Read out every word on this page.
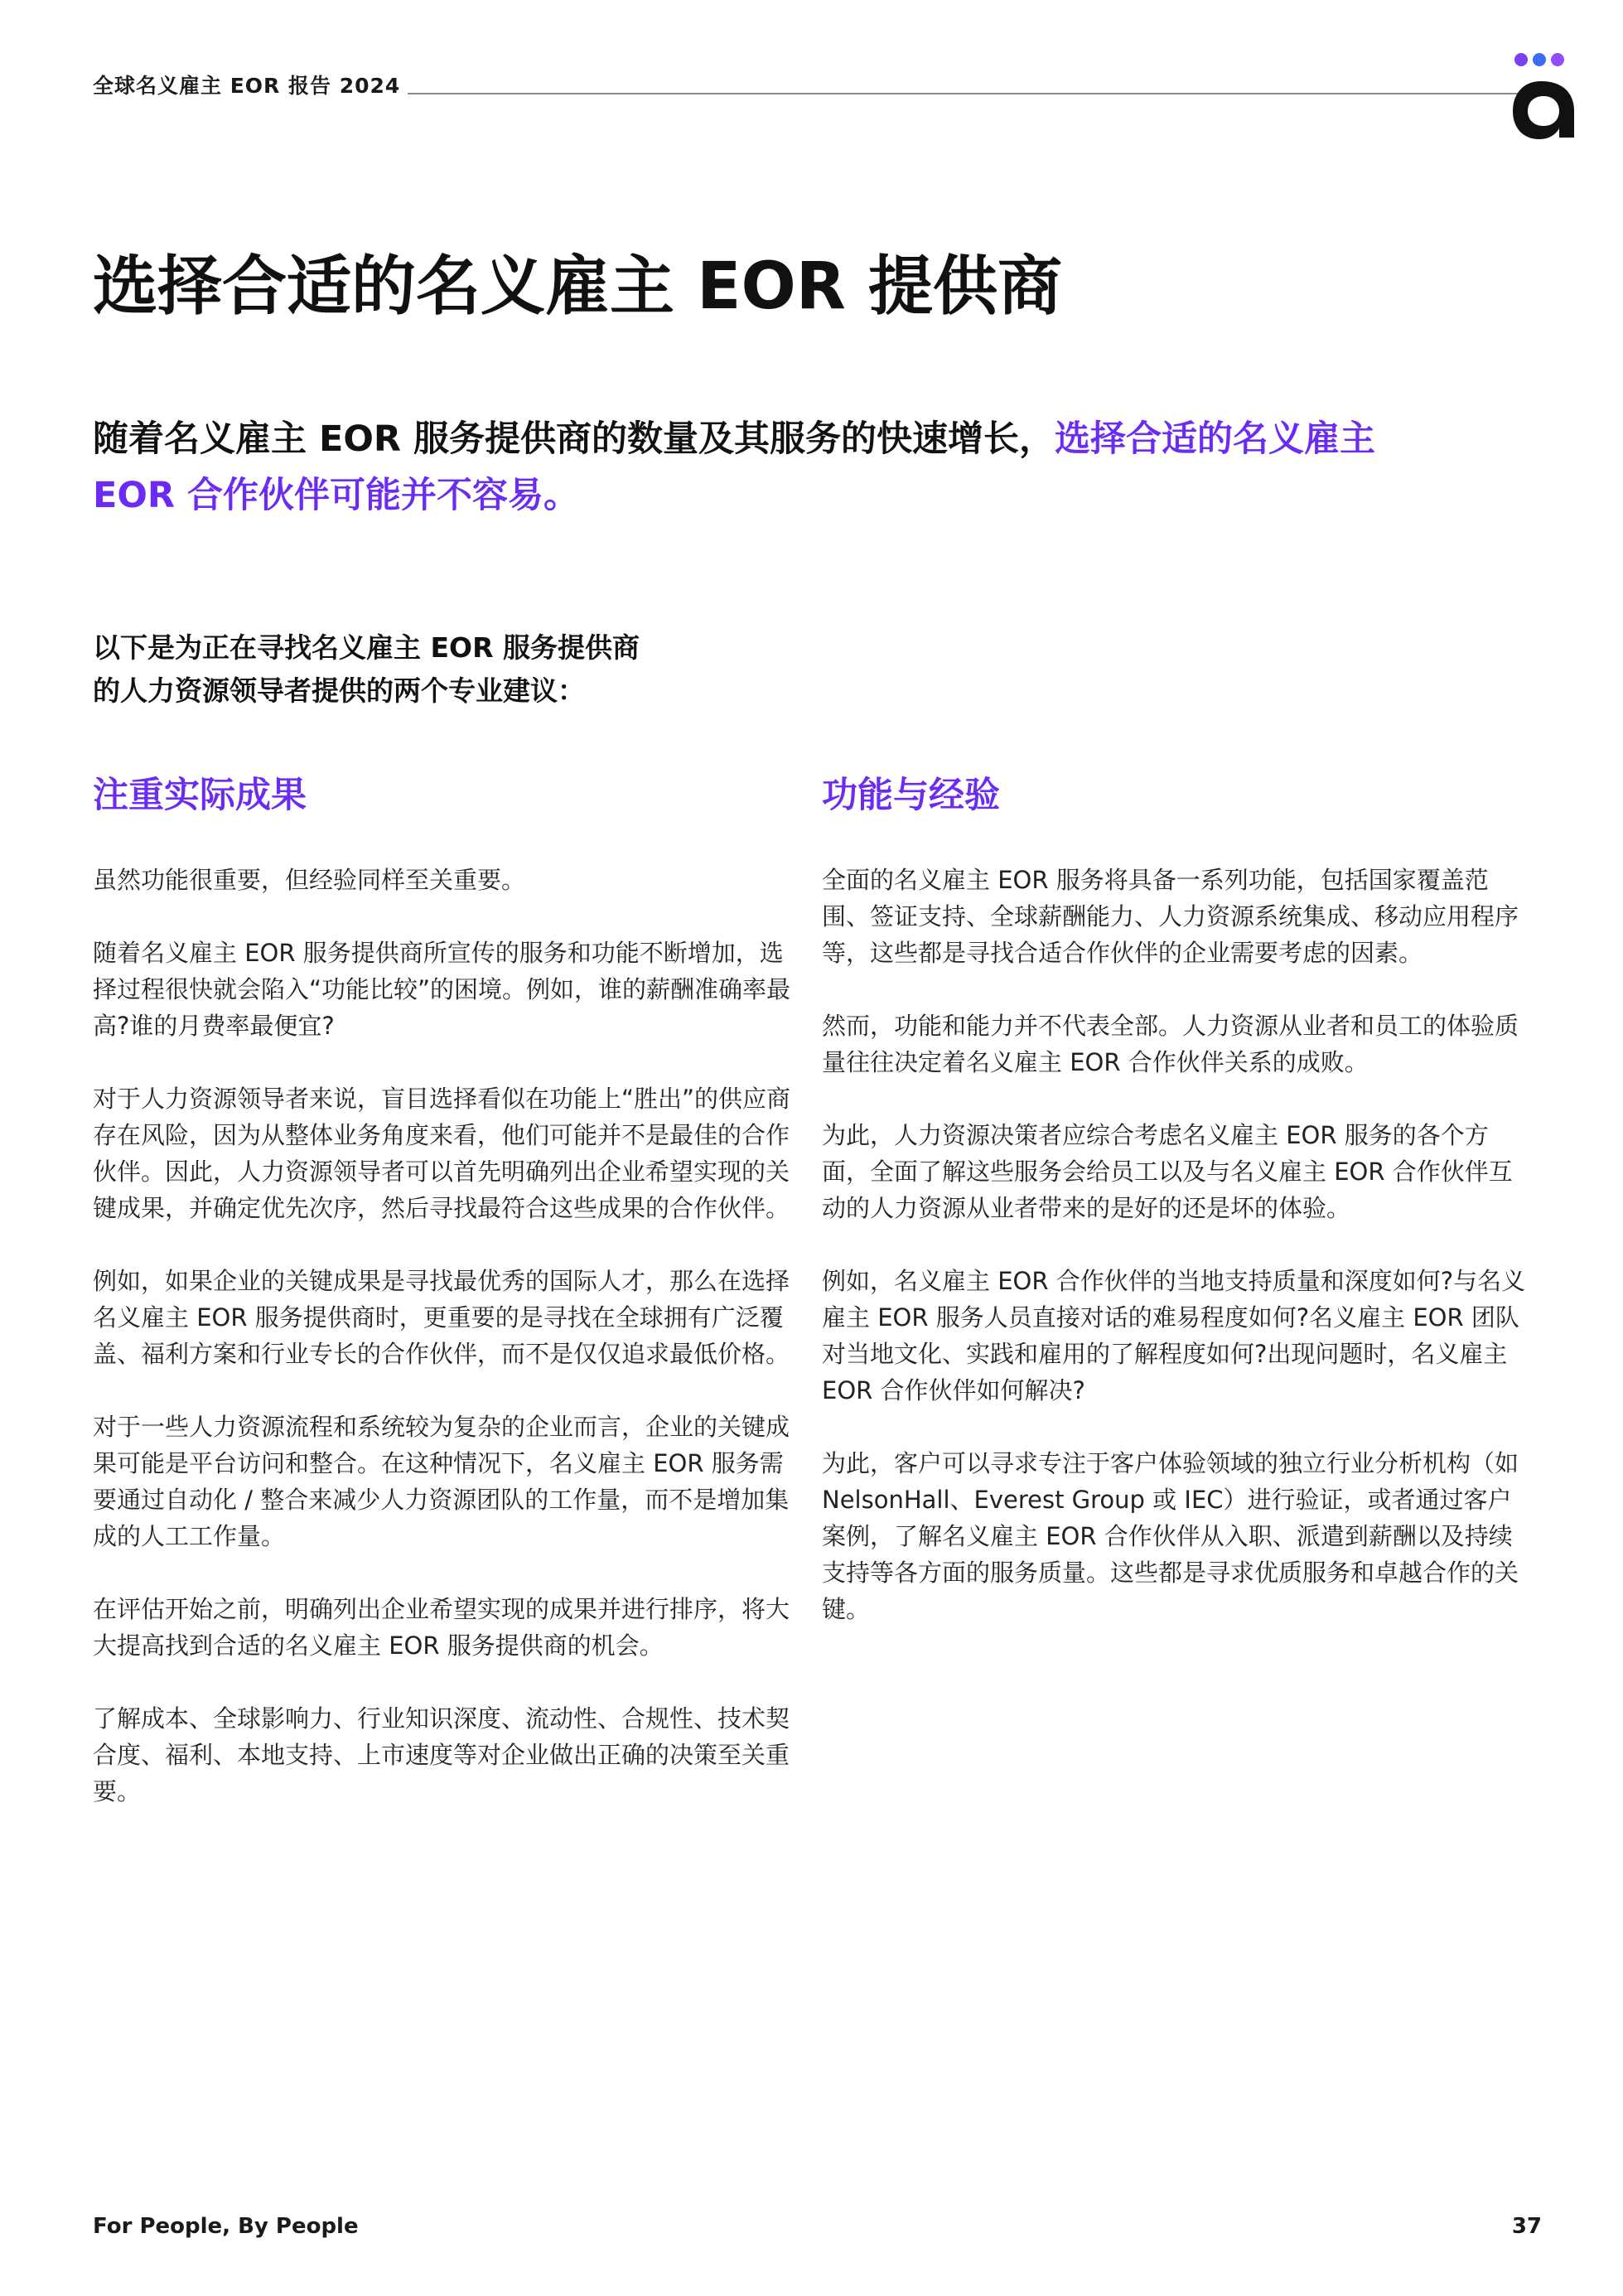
全球名义雇主 EOR 报告 2024
选择合适的名义雇主 EOR 提供商
随着名义雇主 EOR 服务提供商的数量及其服务的快速增长，选择合适的名义雇主 EOR 合作伙伴可能并不容易。
以下是为正在寻找名义雇主 EOR 服务提供商
的人力资源领导者提供的两个专业建议：
注重实际成果

虽然功能很重要，但经验同样至关重要。

随着名义雇主 EOR 服务提供商所宣传的服务和功能不断增加，选择过程很快就会陷入“功能比较”的困境。例如，谁的薪酬准确率最高?谁的月费率最便宜?

对于人力资源领导者来说，盲目选择看似在功能上“胜出”的供应商存在风险，因为从整体业务角度来看，他们可能并不是最佳的合作伙伴。因此，人力资源领导者可以首先明确列出企业希望实现的关键成果，并确定优先次序，然后寻找最符合这些成果的合作伙伴。

例如，如果企业的关键成果是寻找最优秀的国际人才，那么在选择名义雇主 EOR 服务提供商时，更重要的是寻找在全球拥有广泛覆盖、福利方案和行业专长的合作伙伴，而不是仅仅追求最低价格。

对于一些人力资源流程和系统较为复杂的企业而言，企业的关键成果可能是平台访问和整合。在这种情况下，名义雇主 EOR 服务需要通过自动化 / 整合来减少人力资源团队的工作量，而不是增加集成的人工工作量。

在评估开始之前，明确列出企业希望实现的成果并进行排序，将大大提高找到合适的名义雇主 EOR 服务提供商的机会。

了解成本、全球影响力、行业知识深度、流动性、合规性、技术契合度、福利、本地支持、上市速度等对企业做出正确的决策至关重要。

功能与经验

全面的名义雇主 EOR 服务将具备一系列功能，包括国家覆盖范围、签证支持、全球薪酬能力、人力资源系统集成、移动应用程序等，这些都是寻找合适合作伙伴的企业需要考虑的因素。

然而，功能和能力并不代表全部。人力资源从业者和员工的体验质量往往决定着名义雇主 EOR 合作伙伴关系的成败。

为此，人力资源决策者应综合考虑名义雇主 EOR 服务的各个方面，全面了解这些服务会给员工以及与名义雇主 EOR 合作伙伴互动的人力资源从业者带来的是好的还是坏的体验。

例如，名义雇主 EOR 合作伙伴的当地支持质量和深度如何?与名义雇主 EOR 服务人员直接对话的难易程度如何?名义雇主 EOR 团队对当地文化、实践和雇用的了解程度如何?出现问题时，名义雇主 EOR 合作伙伴如何解决?

为此，客户可以寻求专注于客户体验领域的独立行业分析机构（如 NelsonHall、Everest Group 或 IEC）进行验证，或者通过客户案例，了解名义雇主 EOR 合作伙伴从入职、派遣到薪酬以及持续支持等各方面的服务质量。这些都是寻求优质服务和卓越合作的关键。

For People, By People	37
